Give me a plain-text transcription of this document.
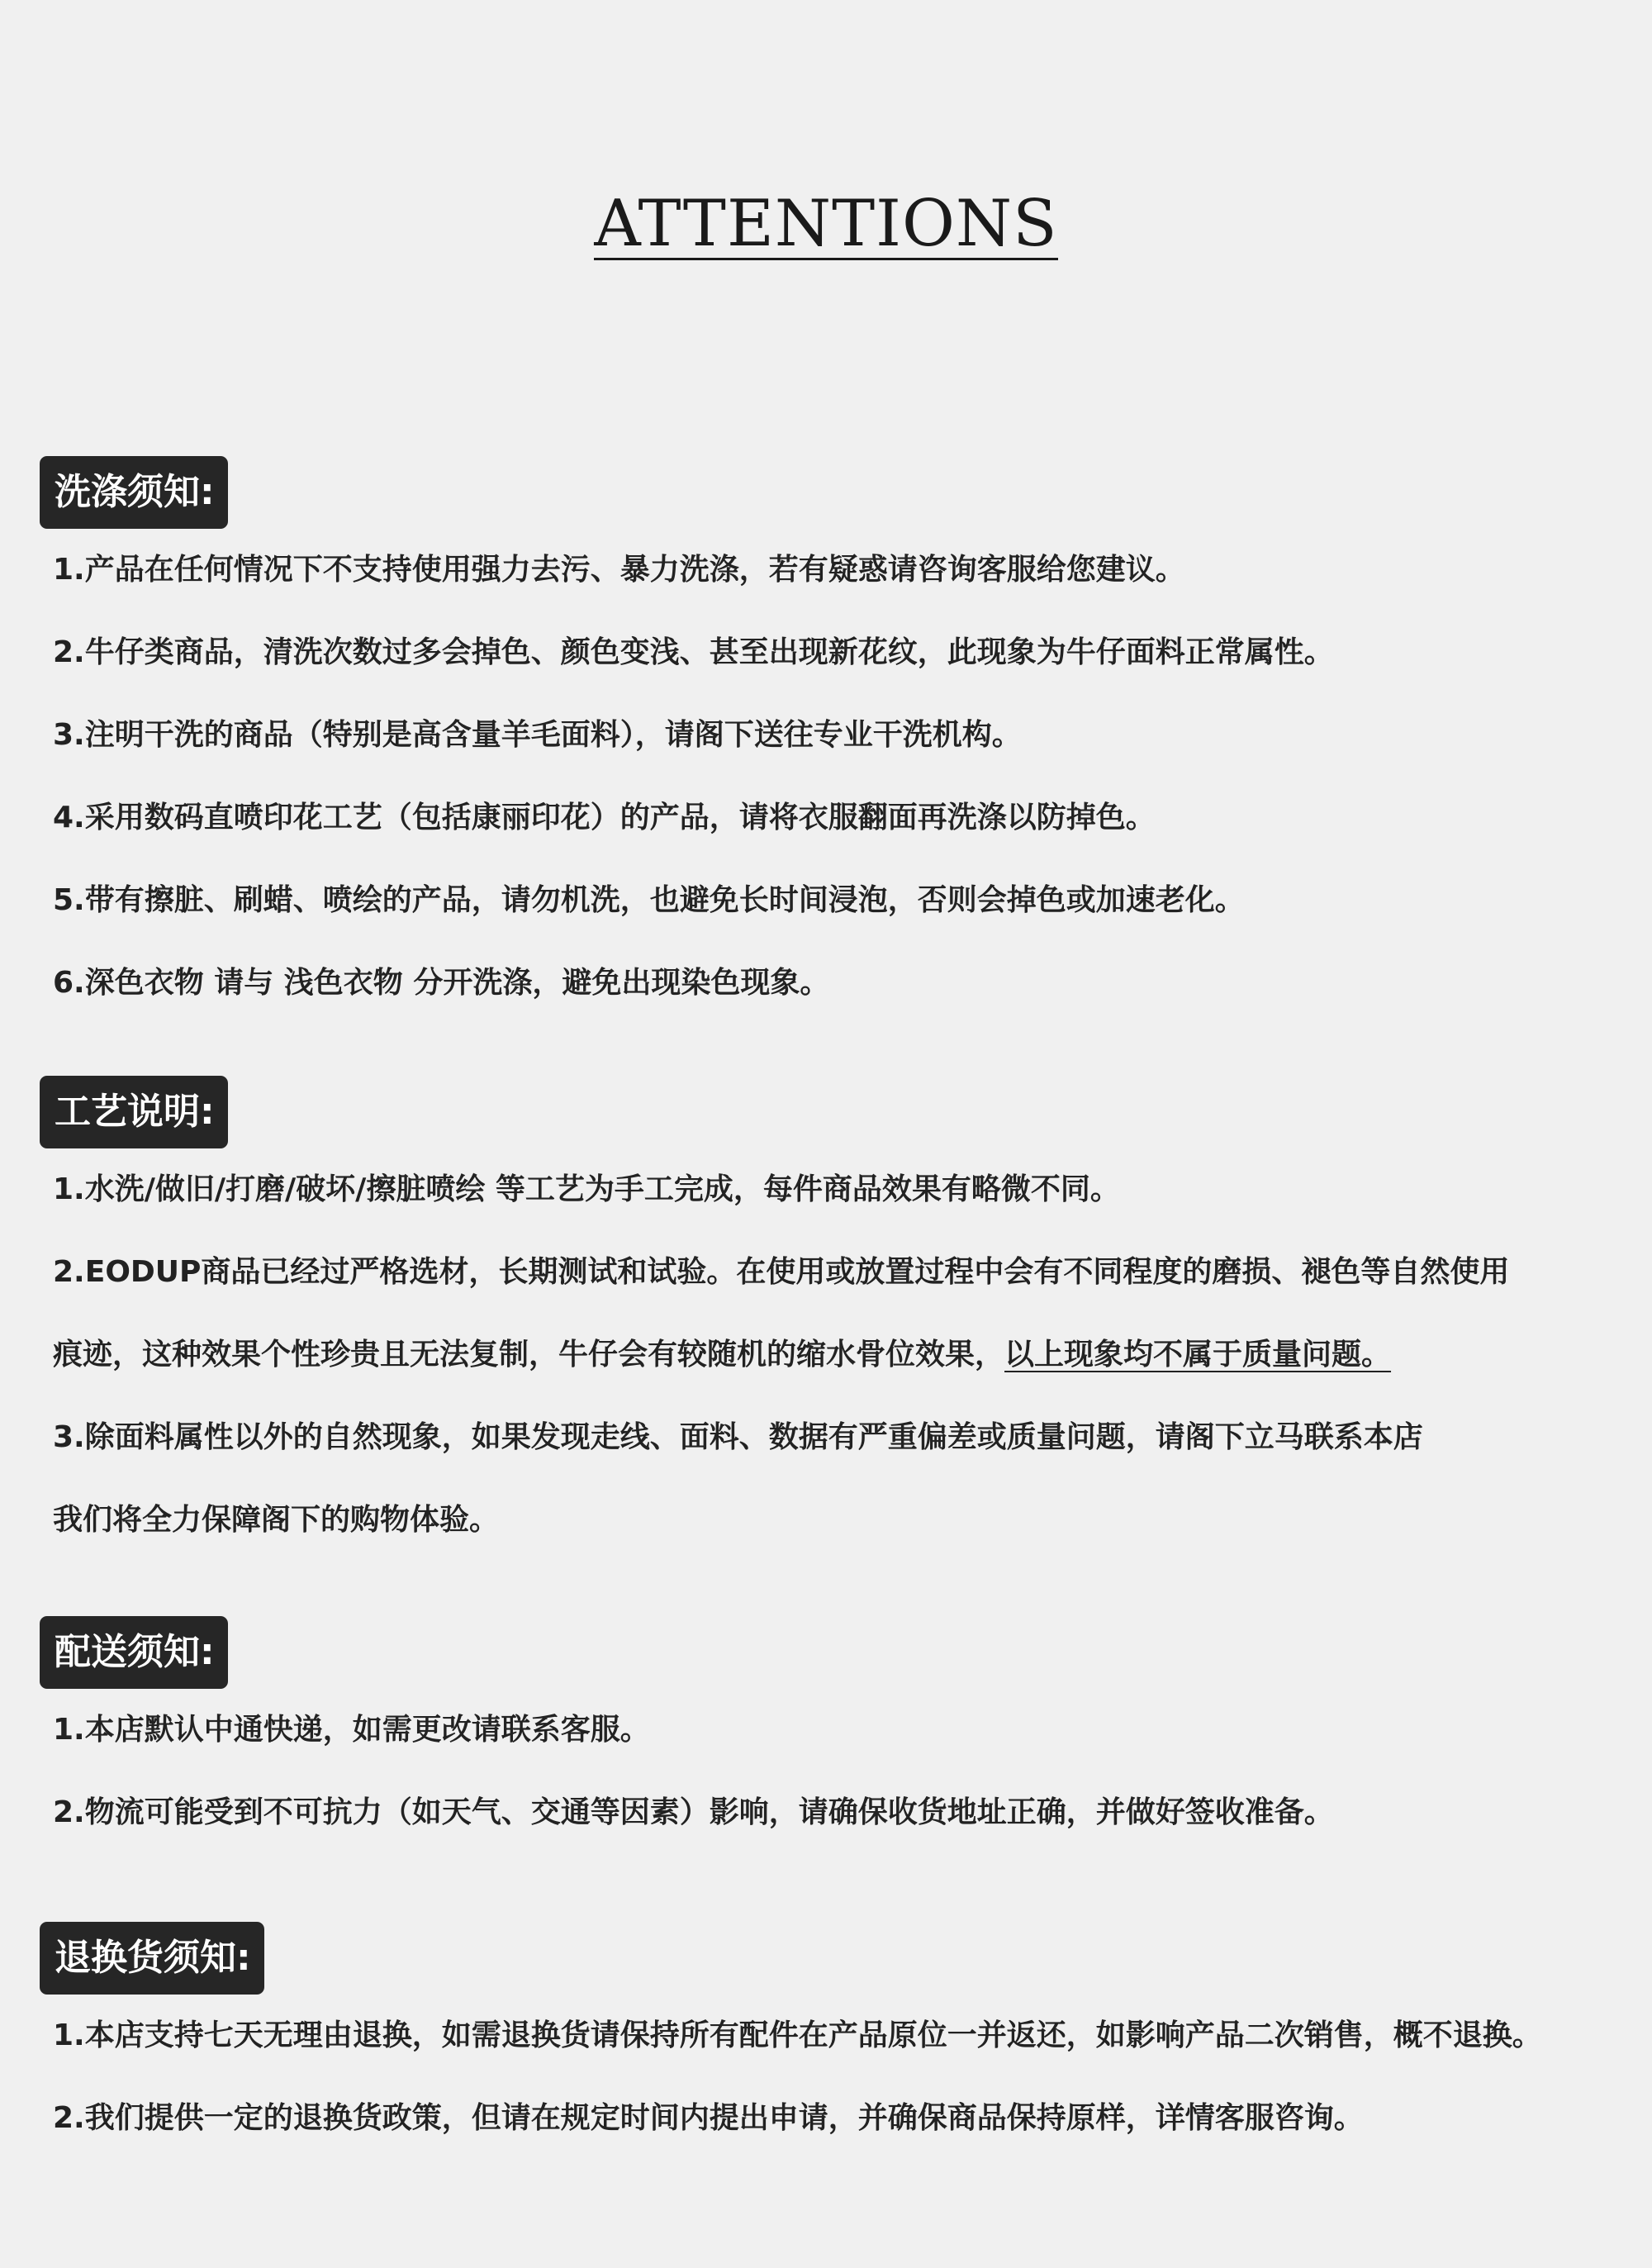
ATTENTIONS
洗涤须知:
1.产品在任何情况下不支持使用强力去污、暴力洗涤，若有疑惑请咨询客服给您建议。
2.牛仔类商品，清洗次数过多会掉色、颜色变浅、甚至出现新花纹，此现象为牛仔面料正常属性。
3.注明干洗的商品（特别是高含量羊毛面料），请阁下送往专业干洗机构。
4.采用数码直喷印花工艺（包括康丽印花）的产品，请将衣服翻面再洗涤以防掉色。
5.带有擦脏、刷蜡、喷绘的产品，请勿机洗，也避免长时间浸泡，否则会掉色或加速老化。
6.深色衣物 请与 浅色衣物 分开洗涤，避免出现染色现象。
工艺说明:
1.水洗/做旧/打磨/破坏/擦脏喷绘 等工艺为手工完成，每件商品效果有略微不同。
2.EODUP商品已经过严格选材，长期测试和试验。在使用或放置过程中会有不同程度的磨损、褪色等自然使用
痕迹，这种效果个性珍贵且无法复制，牛仔会有较随机的缩水骨位效果，以上现象均不属于质量问题。
3.除面料属性以外的自然现象，如果发现走线、面料、数据有严重偏差或质量问题，请阁下立马联系本店
我们将全力保障阁下的购物体验。
配送须知:
1.本店默认中通快递，如需更改请联系客服。
2.物流可能受到不可抗力（如天气、交通等因素）影响，请确保收货地址正确，并做好签收准备。
退换货须知:
1.本店支持七天无理由退换，如需退换货请保持所有配件在产品原位一并返还，如影响产品二次销售，概不退换。
2.我们提供一定的退换货政策，但请在规定时间内提出申请，并确保商品保持原样，详情客服咨询。
